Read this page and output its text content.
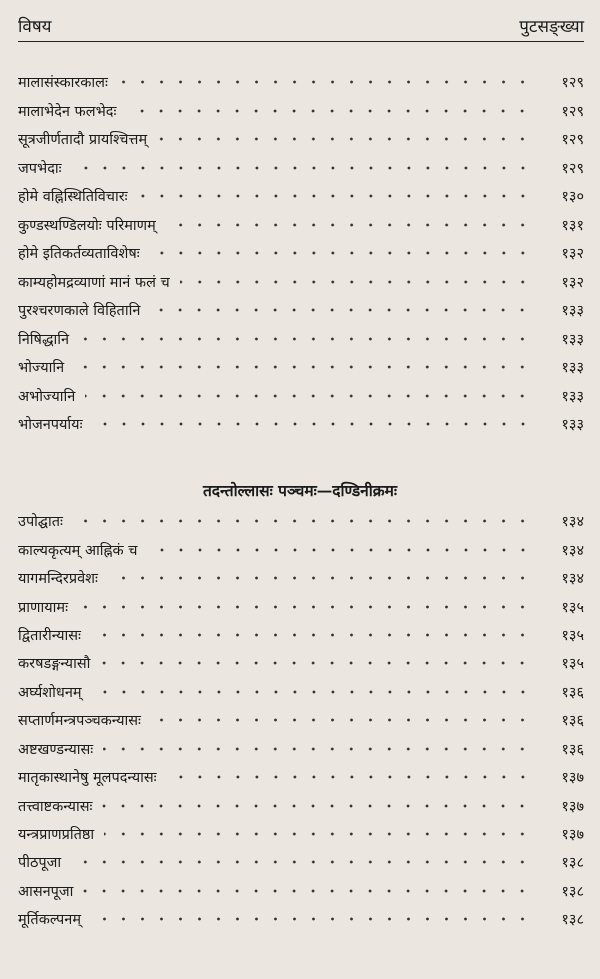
विषय	पुटसङ्ख्या
मालासंस्कारकालः	१२९
मालाभेदेन फलभेदः	१२९
सूत्रजीर्णतादौ प्रायश्चित्तम्	१२९
जपभेदाः	१२९
होमे वह्निस्थितिविचारः	१३०
कुण्डस्थण्डिलयोः परिमाणम्	१३१
होमे इतिकर्तव्यताविशेषः	१३२
काम्यहोमद्रव्याणां मानं फलं च	१३२
पुरश्चरणकाले विहितानि	१३३
निषिद्धानि	१३३
भोज्यानि	१३३
अभोज्यानि	१३३
भोजनपर्यायः	१३३
तदन्तोल्लासः पञ्चमः—दण्डिनीक्रमः
उपोद्घातः	१३४
काल्यकृत्यम् आह्निकं च	१३४
यागमन्दिरप्रवेशः	१३४
प्राणायामः	१३५
द्वितारीन्यासः	१३५
करषडङ्गन्यासौ	१३५
अर्घ्यशोधनम्	१३६
सप्तार्णमन्त्रपञ्चकन्यासः	१३६
अष्टखण्डन्यासः	१३६
मातृकास्थानेषु मूलपदन्यासः	१३७
तत्त्वाष्टकन्यासः	१३७
यन्त्रप्राणप्रतिष्ठा	१३७
पीठपूजा	१३८
आसनपूजा	१३८
मूर्तिकल्पनम्	१३८
